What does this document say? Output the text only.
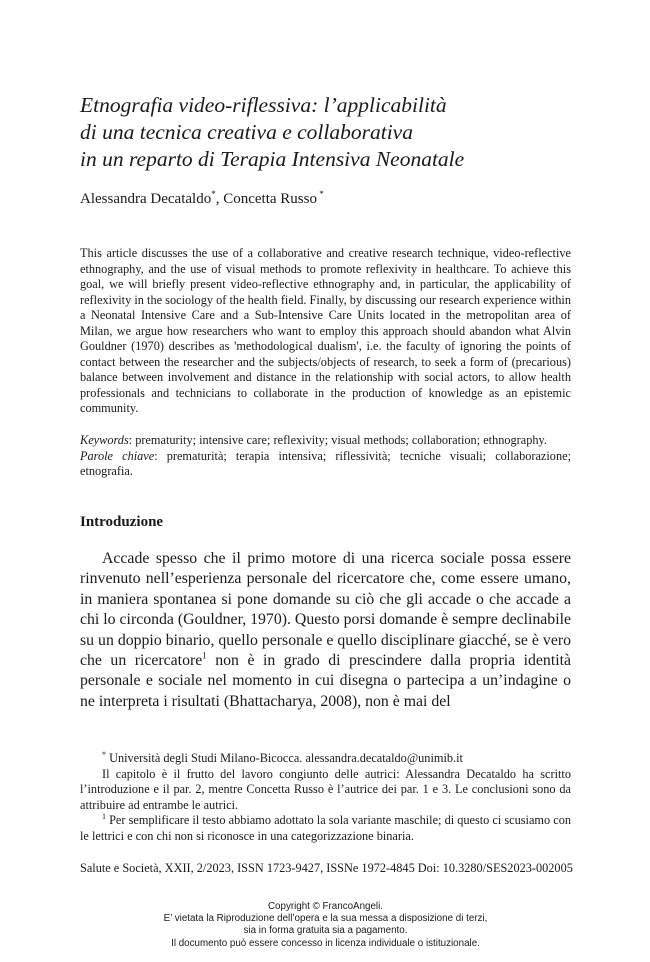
Etnografia video-riflessiva: l’applicabilità
di una tecnica creativa e collaborativa
in un reparto di Terapia Intensiva Neonatale
Alessandra Decataldo*, Concetta Russo *

This article discusses the use of a collaborative and creative research technique, video-reflective ethnography, and the use of visual methods to promote reflexivity in healthcare. To achieve this goal, we will briefly present video-reflective ethnography and, in particular, the applicability of reflexivity in the sociology of the health field. Finally, by discussing our research experience within a Neonatal Intensive Care and a Sub-Intensive Care Units located in the metropolitan area of Milan, we argue how researchers who want to employ this approach should abandon what Alvin Gouldner (1970) describes as 'methodological dualism', i.e. the faculty of ignoring the points of contact between the researcher and the subjects/objects of research, to seek a form of (precarious) balance between involvement and distance in the relationship with social actors, to allow health professionals and technicians to collaborate in the production of knowledge as an epistemic community.

Keywords: prematurity; intensive care; reflexivity; visual methods; collaboration; ethnography.

Parole chiave: prematurità; terapia intensiva; riflessività; tecniche visuali; collaborazione; etnografia.

Introduzione

Accade spesso che il primo motore di una ricerca sociale possa essere rinvenuto nell’esperienza personale del ricercatore che, come essere umano, in maniera spontanea si pone domande su ciò che gli accade o che accade a chi lo circonda (Gouldner, 1970). Questo porsi domande è sempre declinabile su un doppio binario, quello personale e quello disciplinare giacché, se è vero che un ricercatore$^1$ non è in grado di prescindere dalla propria identità personale e sociale nel momento in cui disegna o partecipa a un’indagine o ne interpreta i risultati (Bhattacharya, 2008), non è mai del

* Università degli Studi Milano-Bicocca. alessandra.decataldo@unimib.it

Il capitolo è il frutto del lavoro congiunto delle autrici: Alessandra Decataldo ha scritto l’introduzione e il par. 2, mentre Concetta Russo è l’autrice dei par. 1 e 3. Le conclusioni sono da attribuire ad entrambe le autrici.

$^1$ Per semplificare il testo abbiamo adottato la sola variante maschile; di questo ci scusiamo con le lettrici e con chi non si riconosce in una categorizzazione binaria.

Salute e Società, XXII, 2/2023, ISSN 1723-9427, ISSNe 1972-4845 Doi: 10.3280/SES2023-002005
Copyright © FrancoAngeli.
E’ vietata la Riproduzione dell’opera e la sua messa a disposizione di terzi,
sia in forma gratuita sia a pagamento.
Il documento può essere concesso in licenza individuale o istituzionale.
